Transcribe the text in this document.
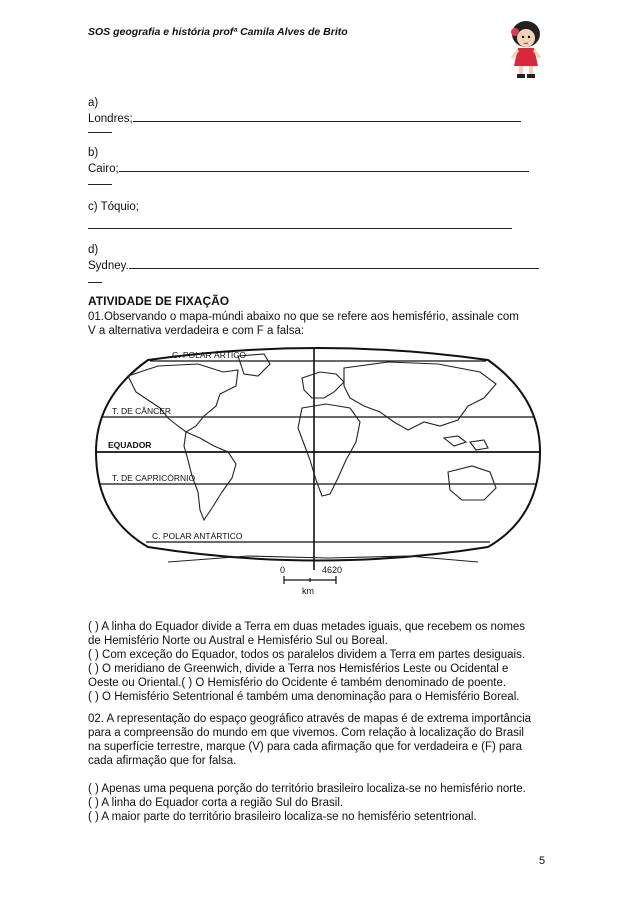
SOS geografia e história profª Camila Alves de Brito

a)

Londres;

b)

Cairo;

c) Tóquio;

d)

Sydney.

ATIVIDADE DE FIXAÇÃO

01.Observando o mapa-múndi abaixo no que se refere aos hemisfério, assinale com

V a alternativa verdadeira e com F a falsa:

C. POLAR ÁRTICO
T. DE CÂNCER
EQUADOR
T. DE CAPRICÓRNIO
C. POLAR ANTÁRTICO
0	4620
km

( ) A linha do Equador divide a Terra em duas metades iguais, que recebem os nomes

de Hemisfério Norte ou Austral e Hemisfério Sul ou Boreal.

( ) Com exceção do Equador, todos os paralelos dividem a Terra em partes desiguais.

( ) O meridiano de Greenwich, divide a Terra nos Hemisférios Leste ou Ocidental e

Oeste ou Oriental.( ) O Hemisfério do Ocidente é também denominado de poente.

( ) O Hemisfério Setentrional é também uma denominação para o Hemisfério Boreal.

02. A representação do espaço geográfico através de mapas é de extrema importância

para a compreensão do mundo em que vivemos. Com relação à localização do Brasil

na superfície terrestre, marque (V) para cada afirmação que for verdadeira e (F) para

cada afirmação que for falsa.

( ) Apenas uma pequena porção do território brasileiro localiza-se no hemisfério norte.

( ) A linha do Equador corta a região Sul do Brasil.

( ) A maior parte do território brasileiro localiza-se no hemisfério setentrional.

5
